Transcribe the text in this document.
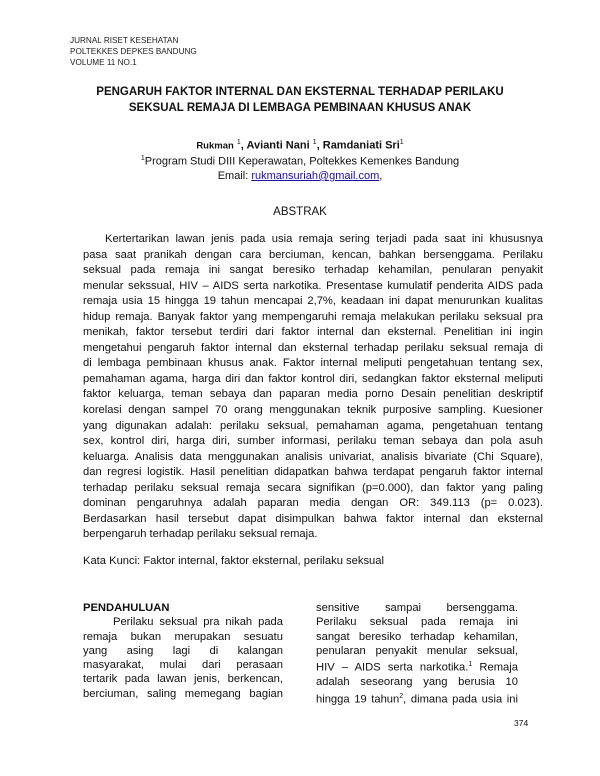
JURNAL RISET KESEHATAN
POLTEKKES DEPKES BANDUNG
VOLUME 11 NO.1
PENGARUH FAKTOR INTERNAL DAN EKSTERNAL TERHADAP PERILAKU
SEKSUAL REMAJA DI LEMBAGA PEMBINAAN KHUSUS ANAK
Rukman $^1$, Avianti Nani $^1$, Ramdaniati Sri$^1$
$^1$Program Studi DIII Keperawatan, Poltekkes Kemenkes Bandung
Email: rukmansuriah@gmail.com,
ABSTRAK
Kertertarikan lawan jenis pada usia remaja sering terjadi pada saat ini khususnya
pasa saat pranikah dengan cara berciuman, kencan, bahkan bersenggama. Perilaku
seksual pada remaja ini sangat beresiko terhadap kehamilan, penularan penyakit
menular sekssual, HIV – AIDS serta narkotika. Presentase kumulatif penderita AIDS pada
remaja usia 15 hingga 19 tahun mencapai 2,7%, keadaan ini dapat menurunkan kualitas
hidup remaja. Banyak faktor yang mempengaruhi remaja melakukan perilaku seksual pra
menikah, faktor tersebut terdiri dari faktor internal dan eksternal. Penelitian ini ingin
mengetahui pengaruh faktor internal dan eksternal terhadap perilaku seksual remaja di
di lembaga pembinaan khusus anak. Faktor internal meliputi pengetahuan tentang sex,
pemahaman agama, harga diri dan faktor kontrol diri, sedangkan faktor eksternal meliputi
faktor keluarga, teman sebaya dan paparan media porno Desain penelitian deskriptif
korelasi dengan sampel 70 orang menggunakan teknik purposive sampling. Kuesioner
yang digunakan adalah: perilaku seksual, pemahaman agama, pengetahuan tentang
sex, kontrol diri, harga diri, sumber informasi, perilaku teman sebaya dan pola asuh
keluarga. Analisis data menggunakan analisis univariat, analisis bivariate (Chi Square),
dan regresi logistik. Hasil penelitian didapatkan bahwa terdapat pengaruh faktor internal
terhadap perilaku seksual remaja secara signifikan (p=0.000), dan faktor yang paling
dominan pengaruhnya adalah paparan media dengan OR: 349.113 (p= 0.023).
Berdasarkan hasil tersebut dapat disimpulkan bahwa faktor internal dan eksternal
berpengaruh terhadap perilaku seksual remaja.
Kata Kunci: Faktor internal, faktor eksternal, perilaku seksual
PENDAHULUAN
Perilaku seksual pra nikah pada
remaja bukan merupakan sesuatu
yang asing lagi di kalangan
masyarakat, mulai dari perasaan
tertarik pada lawan jenis, berkencan,
berciuman, saling memegang bagian
sensitive sampai bersenggama.
Perilaku seksual pada remaja ini
sangat beresiko terhadap kehamilan,
penularan penyakit menular seksual,
HIV – AIDS serta narkotika.$^1$ Remaja
adalah seseorang yang berusia 10
hingga 19 tahun$^2$, dimana pada usia ini
374
